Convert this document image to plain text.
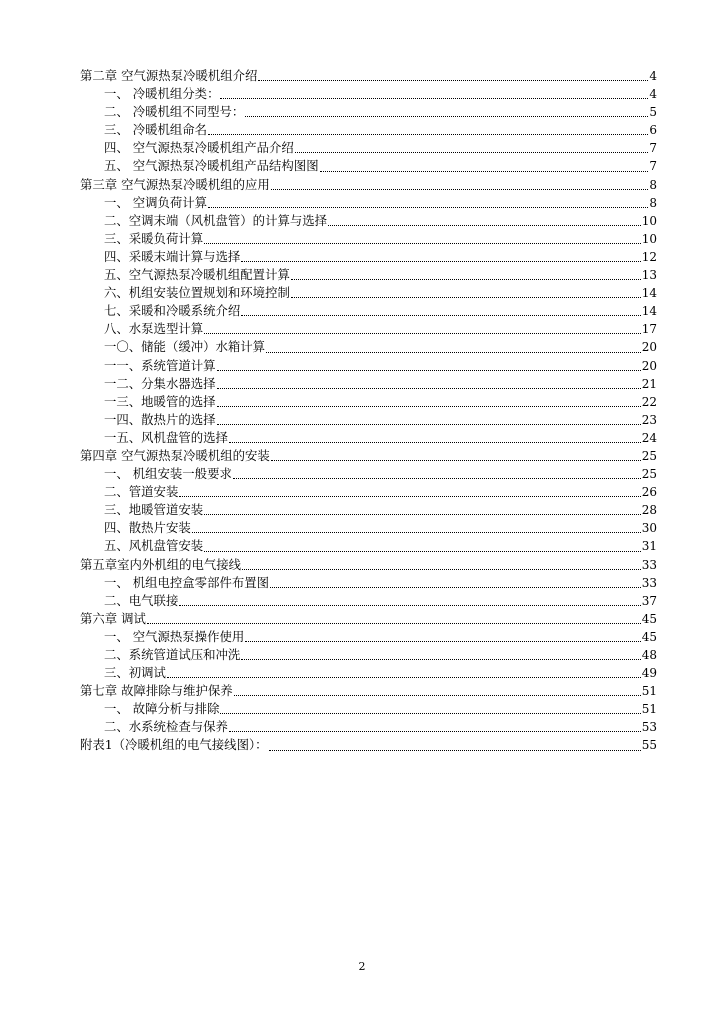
第二章 空气源热泵冷暖机组介绍	4
一、 冷暖机组分类：	4
二、 冷暖机组不同型号：	5
三、 冷暖机组命名	6
四、 空气源热泵冷暖机组产品介绍	7
五、 空气源热泵冷暖机组产品结构图图	7
第三章 空气源热泵冷暖机组的应用	8
一、 空调负荷计算	8
二、空调末端（风机盘管）的计算与选择	10
三、采暖负荷计算	10
四、采暖末端计算与选择	12
五、空气源热泵冷暖机组配置计算	13
六、机组安装位置规划和环境控制	14
七、采暖和冷暖系统介绍	14
八、水泵选型计算	17
一〇、储能（缓冲）水箱计算	20
一一、系统管道计算	20
一二、分集水器选择	21
一三、地暖管的选择	22
一四、散热片的选择	23
一五、风机盘管的选择	24
第四章 空气源热泵冷暖机组的安装	25
一、 机组安装一般要求	25
二、管道安装	26
三、地暖管道安装	28
四、散热片安装	30
五、风机盘管安装	31
第五章室内外机组的电气接线	33
一、 机组电控盒零部件布置图	33
二、电气联接	37
第六章 调试	45
一、 空气源热泵操作使用	45
二、系统管道试压和冲洗	48
三、初调试	49
第七章 故障排除与维护保养	51
一、 故障分析与排除	51
二、水系统检查与保养	53
附表1（冷暖机组的电气接线图）：	55
2
